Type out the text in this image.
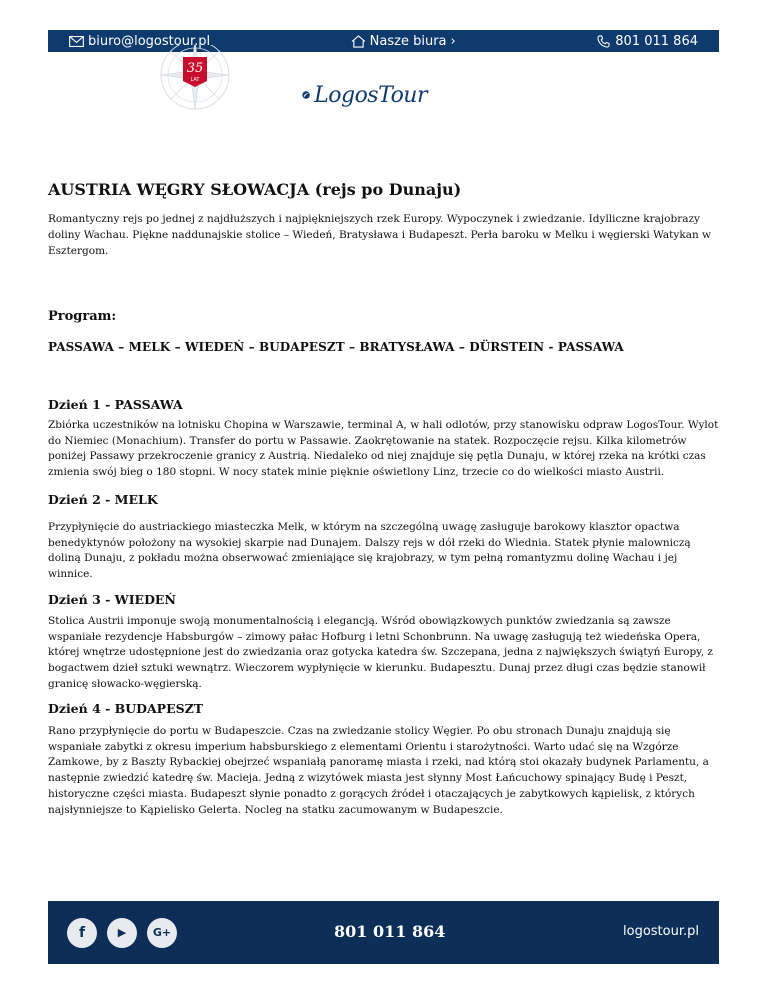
biuro@logostour.pl	Nasze biura ›	801 011 864
35
LAT
LogosTour
AUSTRIA WĘGRY SŁOWACJA (rejs po Dunaju)

Romantyczny rejs po jednej z najdłuższych i najpiękniejszych rzek Europy. Wypoczynek i zwiedzanie. Idylliczne krajobrazy doliny Wachau. Piękne naddunajskie stolice – Wiedeń, Bratysława i Budapeszt. Perła baroku w Melku i węgierski Watykan w Esztergom.

Program:

PASSAWA – MELK – WIEDEŃ – BUDAPESZT – BRATYSŁAWA – DÜRSTEIN - PASSAWA

Dzień 1 - PASSAWA

Zbiórka uczestników na lotnisku Chopina w Warszawie, terminal A, w hali odlotów, przy stanowisku odpraw LogosTour. Wylot do Niemiec (Monachium). Transfer do portu w Passawie. Zaokrętowanie na statek. Rozpoczęcie rejsu. Kilka kilometrów poniżej Passawy przekroczenie granicy z Austrią. Niedaleko od niej znajduje się pętla Dunaju, w której rzeka na krótki czas zmienia swój bieg o 180 stopni. W nocy statek minie pięknie oświetlony Linz, trzecie co do wielkości miasto Austrii.

Dzień 2 - MELK

Przypłynięcie do austriackiego miasteczka Melk, w którym na szczególną uwagę zasługuje barokowy klasztor opactwa benedyktynów położony na wysokiej skarpie nad Dunajem. Dalszy rejs w dół rzeki do Wiednia. Statek płynie malowniczą doliną Dunaju, z pokładu można obserwować zmieniające się krajobrazy, w tym pełną romantyzmu dolinę Wachau i jej winnice.

Dzień 3 - WIEDEŃ

Stolica Austrii imponuje swoją monumentalnością i elegancją. Wśród obowiązkowych punktów zwiedzania są zawsze wspaniałe rezydencje Habsburgów – zimowy pałac Hofburg i letni Schonbrunn. Na uwagę zasługują też wiedeńska Opera, której wnętrze udostępnione jest do zwiedzania oraz gotycka katedra św. Szczepana, jedna z największych świątyń Europy, z bogactwem dzieł sztuki wewnątrz. Wieczorem wypłynięcie w kierunku. Budapesztu. Dunaj przez długi czas będzie stanowił granicę słowacko-węgierską.

Dzień 4 - BUDAPESZT

Rano przypłynięcie do portu w Budapeszcie. Czas na zwiedzanie stolicy Węgier. Po obu stronach Dunaju znajdują się wspaniałe zabytki z okresu imperium habsburskiego z elementami Orientu i starożytności. Warto udać się na Wzgórze Zamkowe, by z Baszty Rybackiej obejrzeć wspaniałą panoramę miasta i rzeki, nad którą stoi okazały budynek Parlamentu, a następnie zwiedzić katedrę św. Macieja. Jedną z wizytówek miasta jest słynny Most Łańcuchowy spinający Budę i Peszt, historyczne części miasta. Budapeszt słynie ponadto z gorących źródeł i otaczających je zabytkowych kąpielisk, z których najsłynniejsze to Kąpielisko Gelerta. Nocleg na statku zacumowanym w Budapeszcie.

f	▶ G+	801 011 864	logostour.pl
